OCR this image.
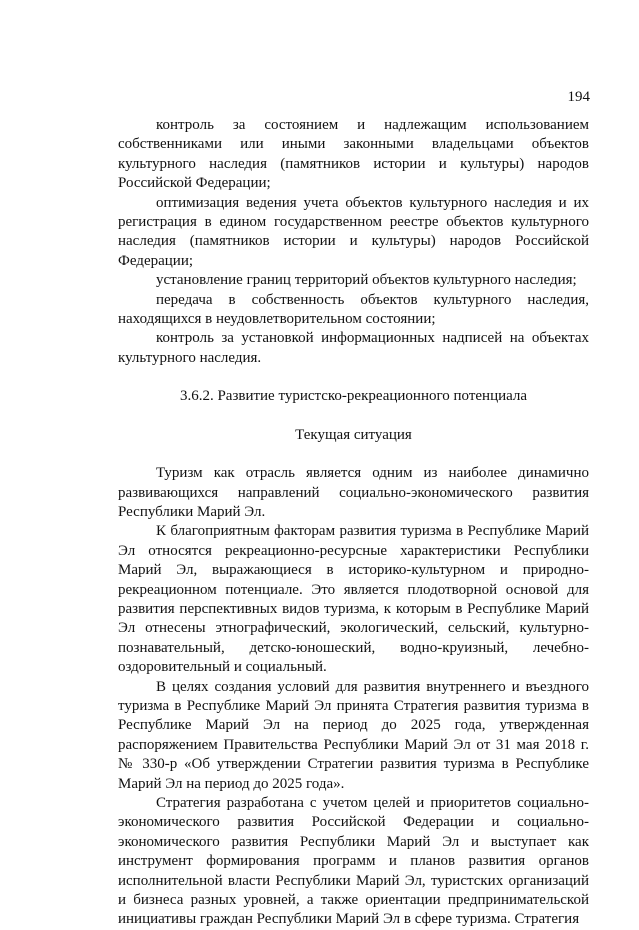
194

контроль за состоянием и надлежащим использованием собственниками или иными законными владельцами объектов культурного наследия (памятников истории и культуры) народов Российской Федерации;

оптимизация ведения учета объектов культурного наследия и их регистрация в едином государственном реестре объектов культурного наследия (памятников истории и культуры) народов Российской Федерации;

установление границ территорий объектов культурного наследия;

передача в собственность объектов культурного наследия, находящихся в неудовлетворительном состоянии;

контроль за установкой информационных надписей на объектах культурного наследия.

3.6.2. Развитие туристско-рекреационного потенциала

Текущая ситуация

Туризм как отрасль является одним из наиболее динамично развивающихся направлений социально-экономического развития Республики Марий Эл.

К благоприятным факторам развития туризма в Республике Марий Эл относятся рекреационно-ресурсные характеристики Республики Марий Эл, выражающиеся в историко-культурном и природно-рекреационном потенциале. Это является плодотворной основой для развития перспективных видов туризма, к которым в Республике Марий Эл отнесены этнографический, экологический, сельский, культурно-познавательный, детско-юношеский, водно-круизный, лечебно-оздоровительный и социальный.

В целях создания условий для развития внутреннего и въездного туризма в Республике Марий Эл принята Стратегия развития туризма в Республике Марий Эл на период до 2025 года, утвержденная распоряжением Правительства Республики Марий Эл от 31 мая 2018 г. № 330-р «Об утверждении Стратегии развития туризма в Республике Марий Эл на период до 2025 года».

Стратегия разработана с учетом целей и приоритетов социально-экономического развития Российской Федерации и социально-экономического развития Республики Марий Эл и выступает как инструмент формирования программ и планов развития органов исполнительной власти Республики Марий Эл, туристских организаций и бизнеса разных уровней, а также ориентации предпринимательской инициативы граждан Республики Марий Эл в сфере туризма. Стратегия
